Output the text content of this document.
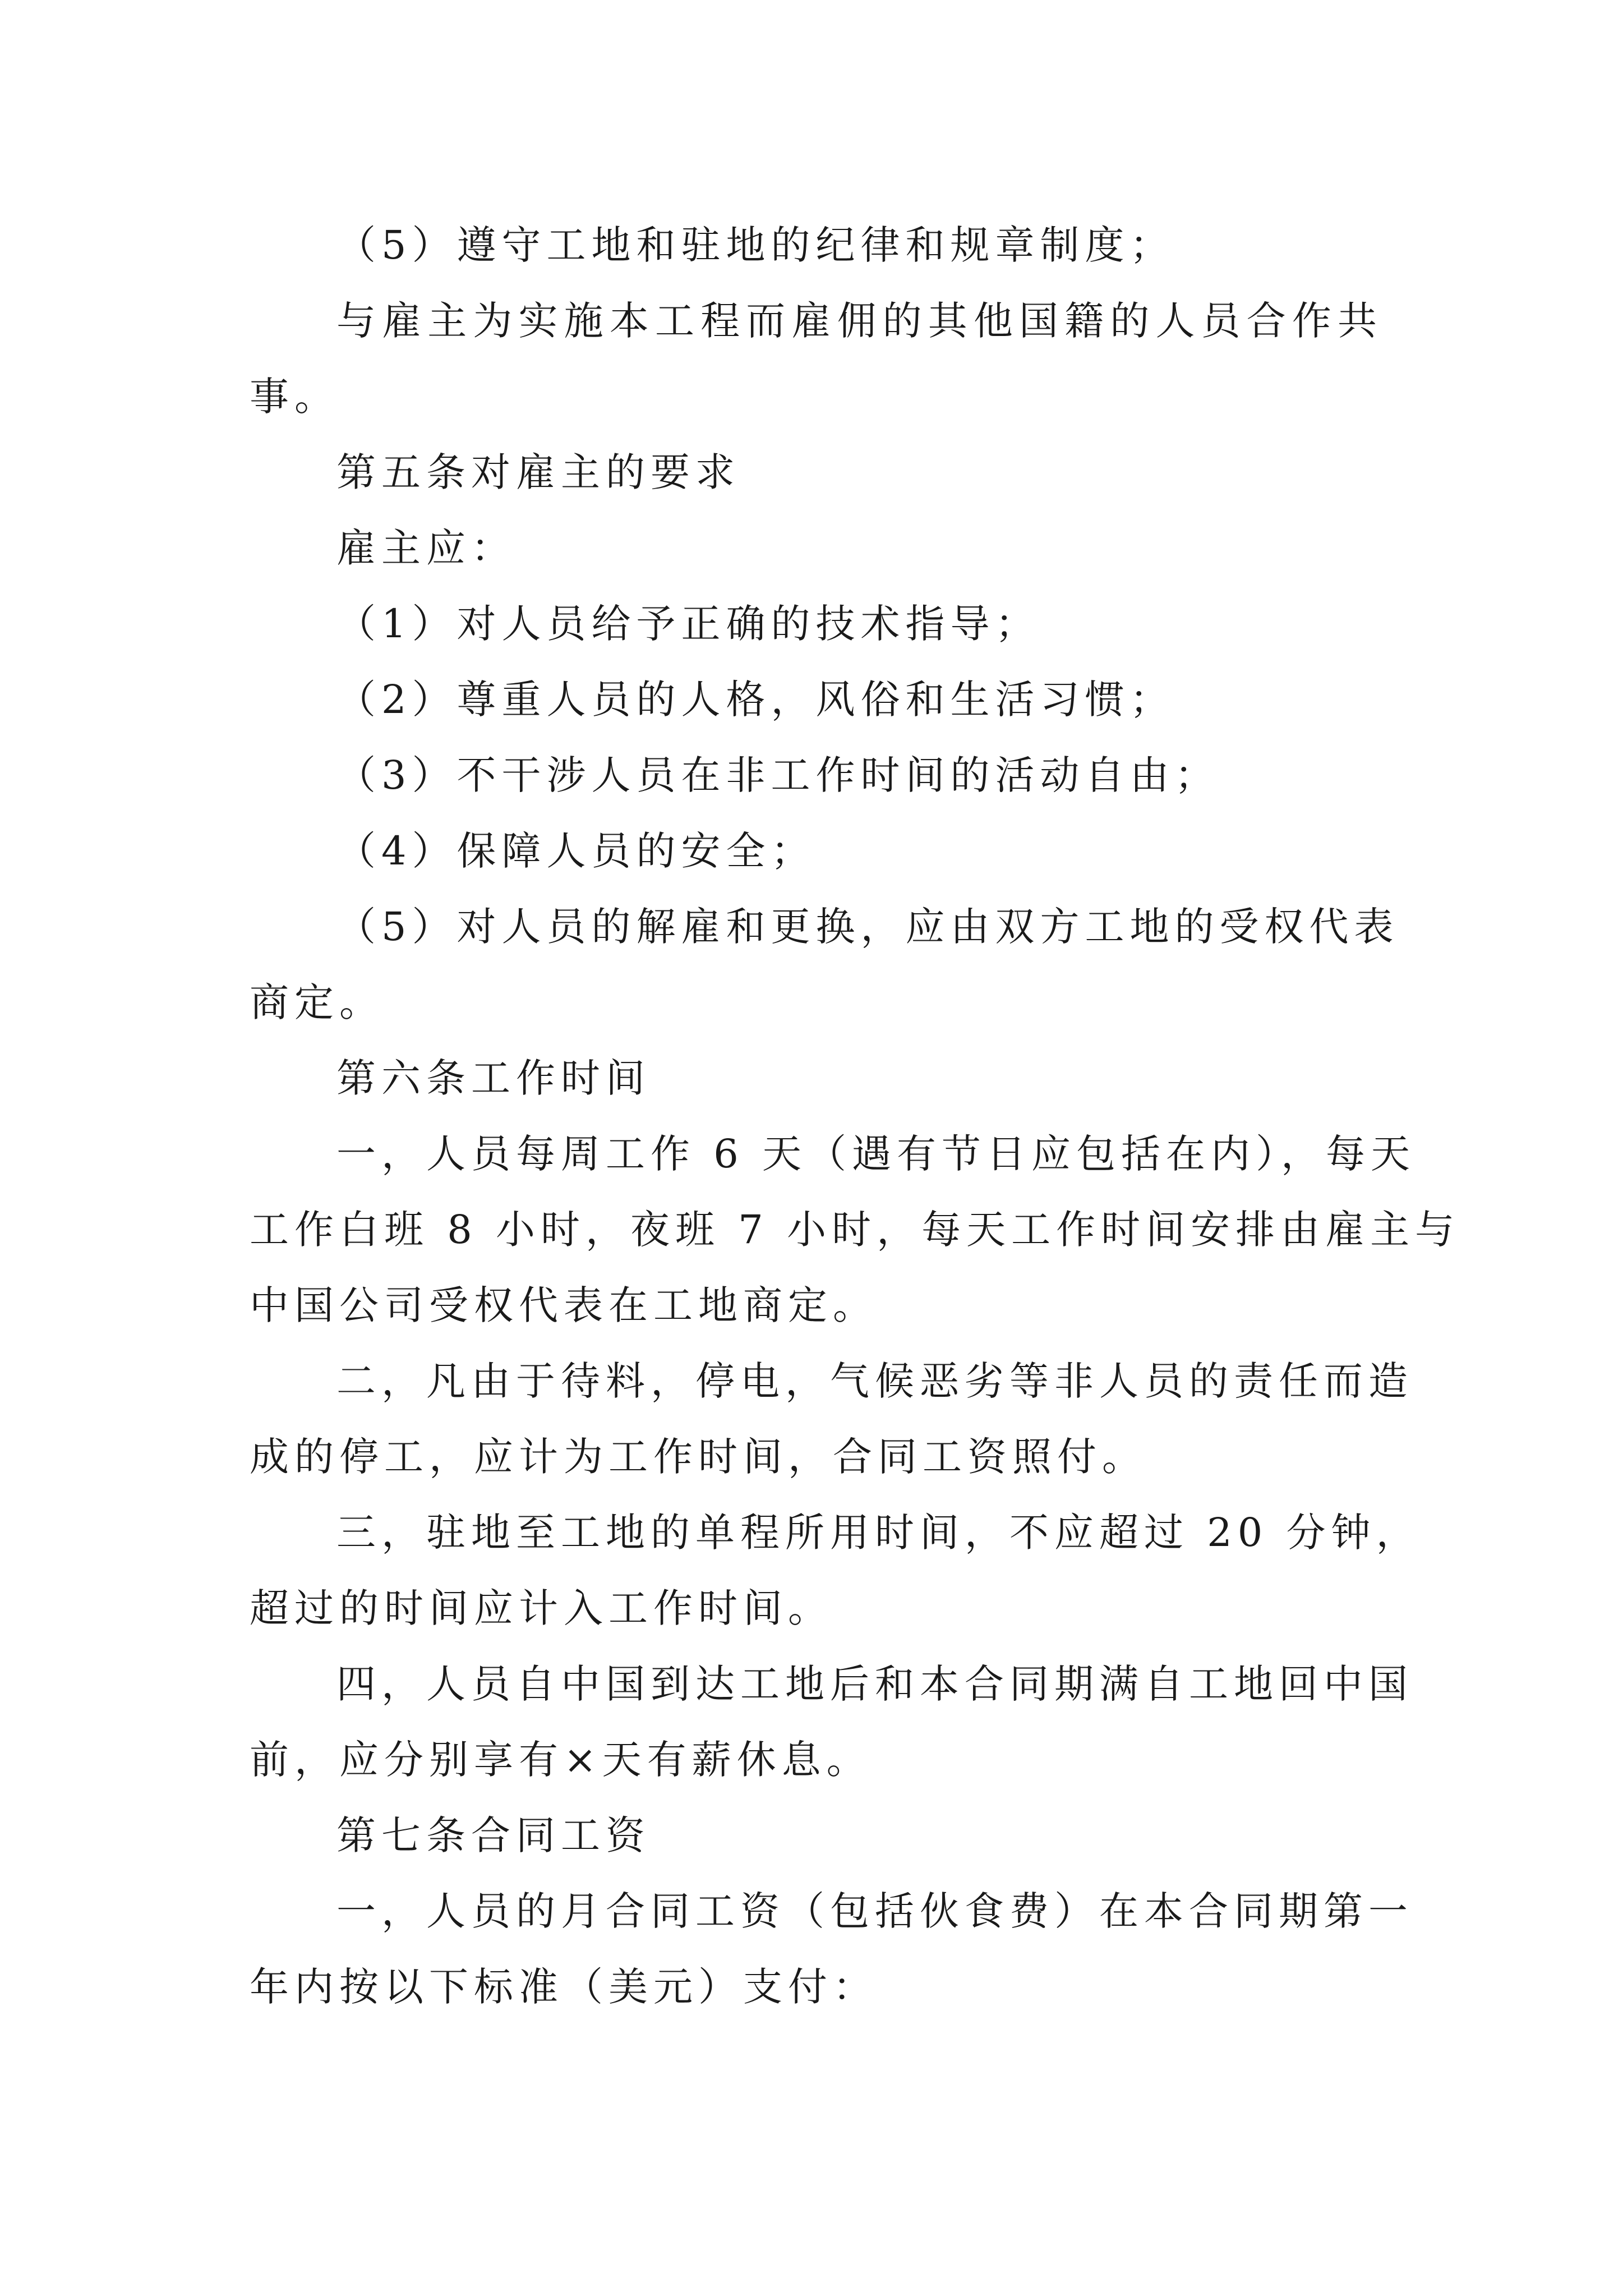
（5）遵守工地和驻地的纪律和规章制度；
与雇主为实施本工程而雇佣的其他国籍的人员合作共
事。
第五条对雇主的要求
雇主应：
（1）对人员给予正确的技术指导；
（2）尊重人员的人格，风俗和生活习惯；
（3）不干涉人员在非工作时间的活动自由；
（4）保障人员的安全；
（5）对人员的解雇和更换，应由双方工地的受权代表
商定。
第六条工作时间
一，人员每周工作 6 天（遇有节日应包括在内），每天
工作白班 8 小时，夜班 7 小时，每天工作时间安排由雇主与
中国公司受权代表在工地商定。
二，凡由于待料，停电，气候恶劣等非人员的责任而造
成的停工，应计为工作时间，合同工资照付。
三，驻地至工地的单程所用时间，不应超过 20 分钟，
超过的时间应计入工作时间。
四，人员自中国到达工地后和本合同期满自工地回中国
前，应分别享有×天有薪休息。
第七条合同工资
一，人员的月合同工资（包括伙食费）在本合同期第一
年内按以下标准（美元）支付：
